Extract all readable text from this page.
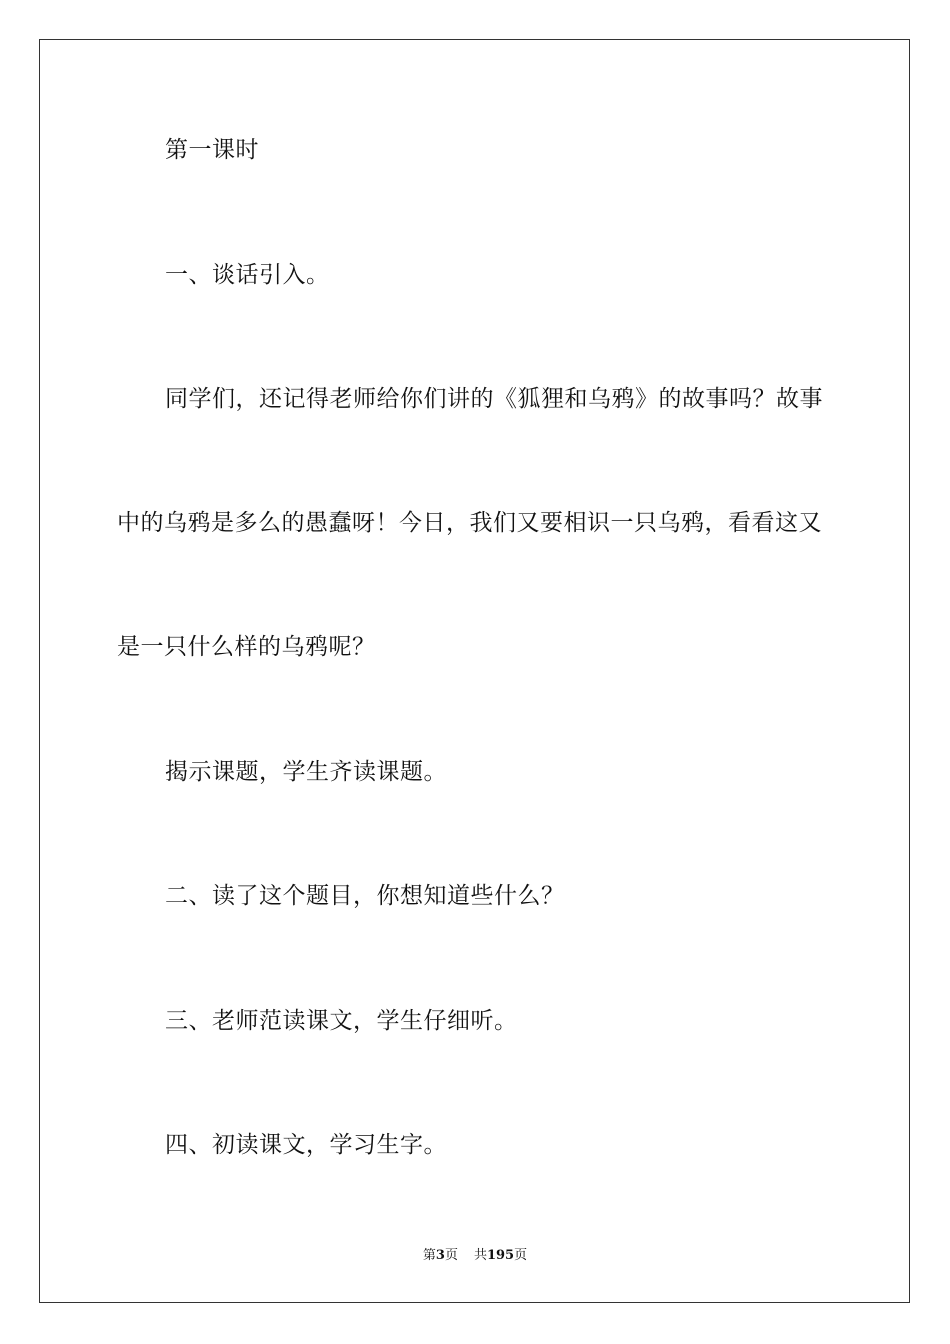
第一课时
一、谈话引入。
同学们，还记得老师给你们讲的《狐狸和乌鸦》的故事吗？故事
中的乌鸦是多么的愚蠢呀！今日，我们又要相识一只乌鸦，看看这又
是一只什么样的乌鸦呢？
揭示课题，学生齐读课题。
二、读了这个题目，你想知道些什么？
三、老师范读课文，学生仔细听。
四、初读课文，学习生字。
第3页 共195页
